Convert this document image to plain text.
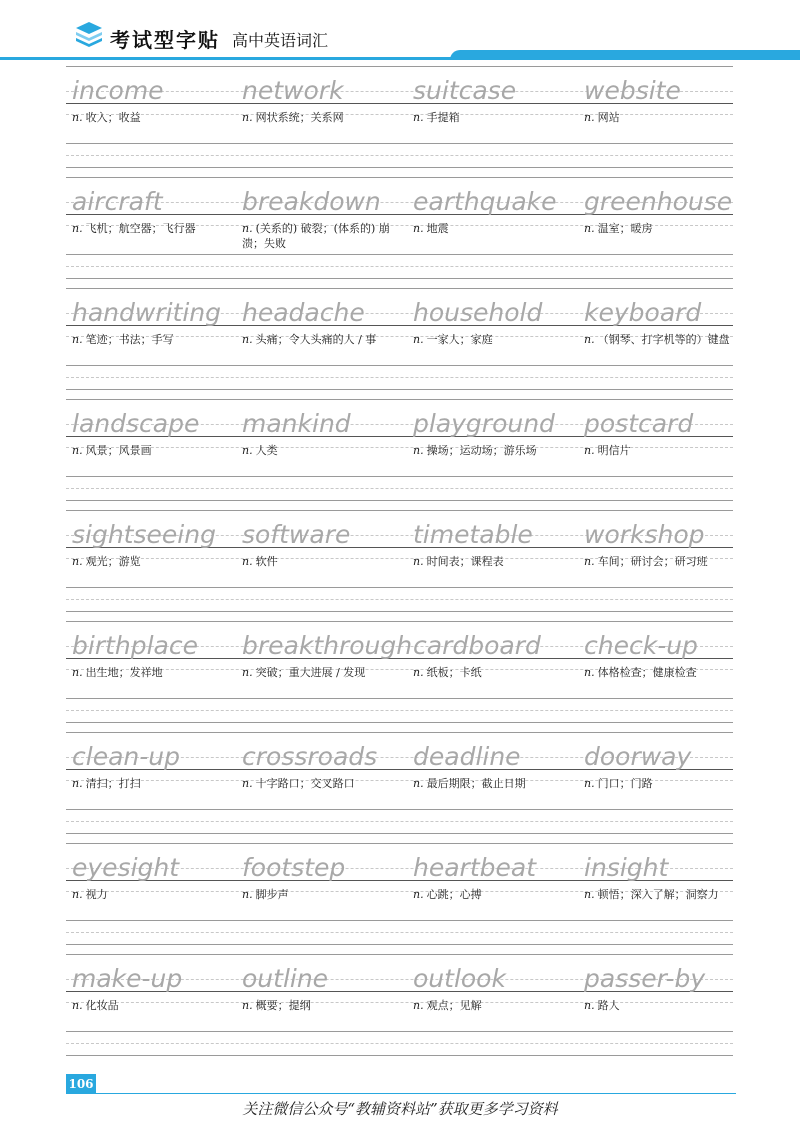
考试型字贴 高中英语词汇
income
n. 收入；收益
network
n. 网状系统；关系网
suitcase
n. 手提箱
website
n. 网站
aircraft
n. 飞机；航空器；飞行器
breakdown
n. (关系的) 破裂；(体系的) 崩溃；失败
earthquake
n. 地震
greenhouse
n. 温室；暖房
handwriting
n. 笔迹；书法；手写
headache
n. 头痛；令人头痛的人 / 事
household
n. 一家人；家庭
keyboard
n. （钢琴、打字机等的）键盘
landscape
n. 风景；风景画
mankind
n. 人类
playground
n. 操场；运动场；游乐场
postcard
n. 明信片
sightseeing
n. 观光；游览
software
n. 软件
timetable
n. 时间表；课程表
workshop
n. 车间；研讨会；研习班
birthplace
n. 出生地；发祥地
breakthrough
n. 突破；重大进展 / 发现
cardboard
n. 纸板；卡纸
check-up
n. 体格检查；健康检查
clean-up
n. 清扫；打扫
crossroads
n. 十字路口；交叉路口
deadline
n. 最后期限；截止日期
doorway
n. 门口；门路
eyesight
n. 视力
footstep
n. 脚步声
heartbeat
n. 心跳；心搏
insight
n. 顿悟；深入了解；洞察力
make-up
n. 化妆品
outline
n. 概要；提纲
outlook
n. 观点；见解
passer-by
n. 路人
106
关注微信公众号“教辅资料站”获取更多学习资料
